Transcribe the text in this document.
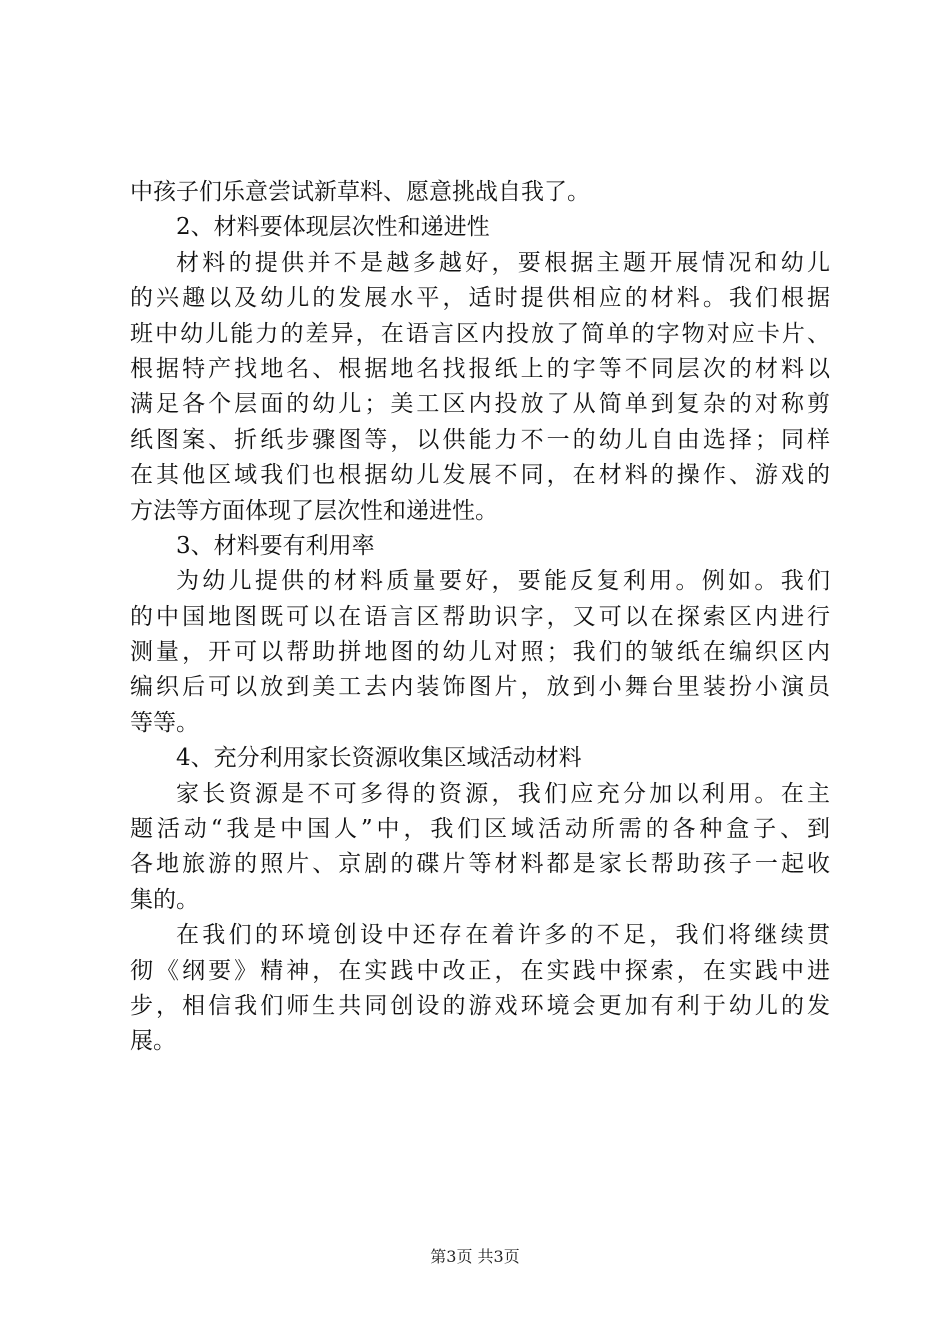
中孩子们乐意尝试新草料、愿意挑战自我了。
2、材料要体现层次性和递进性
材料的提供并不是越多越好，要根据主题开展情况和幼儿
的兴趣以及幼儿的发展水平，适时提供相应的材料。我们根据
班中幼儿能力的差异，在语言区内投放了简单的字物对应卡片、
根据特产找地名、根据地名找报纸上的字等不同层次的材料以
满足各个层面的幼儿；美工区内投放了从简单到复杂的对称剪
纸图案、折纸步骤图等，以供能力不一的幼儿自由选择；同样
在其他区域我们也根据幼儿发展不同，在材料的操作、游戏的
方法等方面体现了层次性和递进性。
3、材料要有利用率
为幼儿提供的材料质量要好，要能反复利用。例如。我们
的中国地图既可以在语言区帮助识字，又可以在探索区内进行
测量，开可以帮助拼地图的幼儿对照；我们的皱纸在编织区内
编织后可以放到美工去内装饰图片，放到小舞台里装扮小演员
等等。
4、充分利用家长资源收集区域活动材料
家长资源是不可多得的资源，我们应充分加以利用。在主
题活动“我是中国人”中，我们区域活动所需的各种盒子、到
各地旅游的照片、京剧的碟片等材料都是家长帮助孩子一起收
集的。
在我们的环境创设中还存在着许多的不足，我们将继续贯
彻《纲要》精神，在实践中改正，在实践中探索，在实践中进
步，相信我们师生共同创设的游戏环境会更加有利于幼儿的发
展。
第3页 共3页
